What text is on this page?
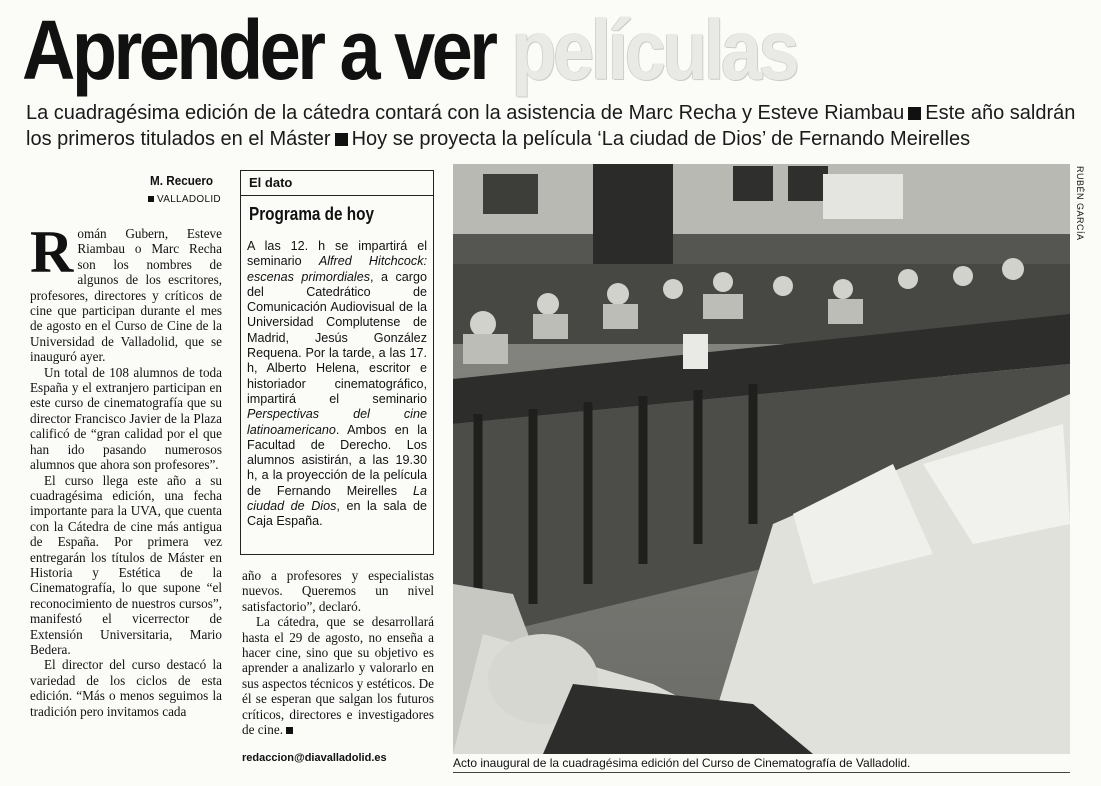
Aprender a ver películas
La cuadragésima edición de la cátedra contará con la asistencia de Marc Recha y Esteve Riambau Este año saldrán los primeros titulados en el Máster Hoy se proyecta la película ‘La ciudad de Dios’ de Fernando Meirelles
M. Recuero
VALLADOLID

Román Gubern, Esteve Riambau o Marc Recha son los nombres de algunos de los escritores, profesores, directores y críticos de cine que participan durante el mes de agosto en el Curso de Cine de la Universidad de Valladolid, que se inauguró ayer.

Un total de 108 alumnos de toda España y el extranjero participan en este curso de cinematografía que su director Francisco Javier de la Plaza calificó de “gran calidad por el que han ido pasando numerosos alumnos que ahora son profesores”.

El curso llega este año a su cuadragésima edición, una fecha importante para la UVA, que cuenta con la Cátedra de cine más antigua de España. Por primera vez entregarán los títulos de Máster en Historia y Estética de la Cinematografía, lo que supone “el reconocimiento de nuestros cursos”, manifestó el vicerrector de Extensión Universitaria, Mario Bedera.

El director del curso destacó la variedad de los ciclos de esta edición. “Más o menos seguimos la tradición pero invitamos cada

El dato
Programa de hoy
A las 12. h se impartirá el seminario Alfred Hitchcock: escenas primordiales, a cargo del Catedrático de Comunicación Audiovisual de la Universidad Complutense de Madrid, Jesús González Requena. Por la tarde, a las 17. h, Alberto Helena, escritor e historiador cinematográfico, impartirá el seminario Perspectivas del cine latinoamericano. Ambos en la Facultad de Derecho. Los alumnos asistirán, a las 19.30 h, a la proyección de la película de Fernando Meirelles La ciudad de Dios, en la sala de Caja España.

año a profesores y especialistas nuevos. Queremos un nivel satisfactorio”, declaró.

La cátedra, que se desarrollará hasta el 29 de agosto, no enseña a hacer cine, sino que su objetivo es aprender a analizarlo y valorarlo en sus aspectos técnicos y estéticos. De él se esperan que salgan los futuros críticos, directores e investigadores de cine.

redaccion@diavalladolid.es
RUBÉN GARCÍA
Acto inaugural de la cuadragésima edición del Curso de Cinematografía de Valladolid.
